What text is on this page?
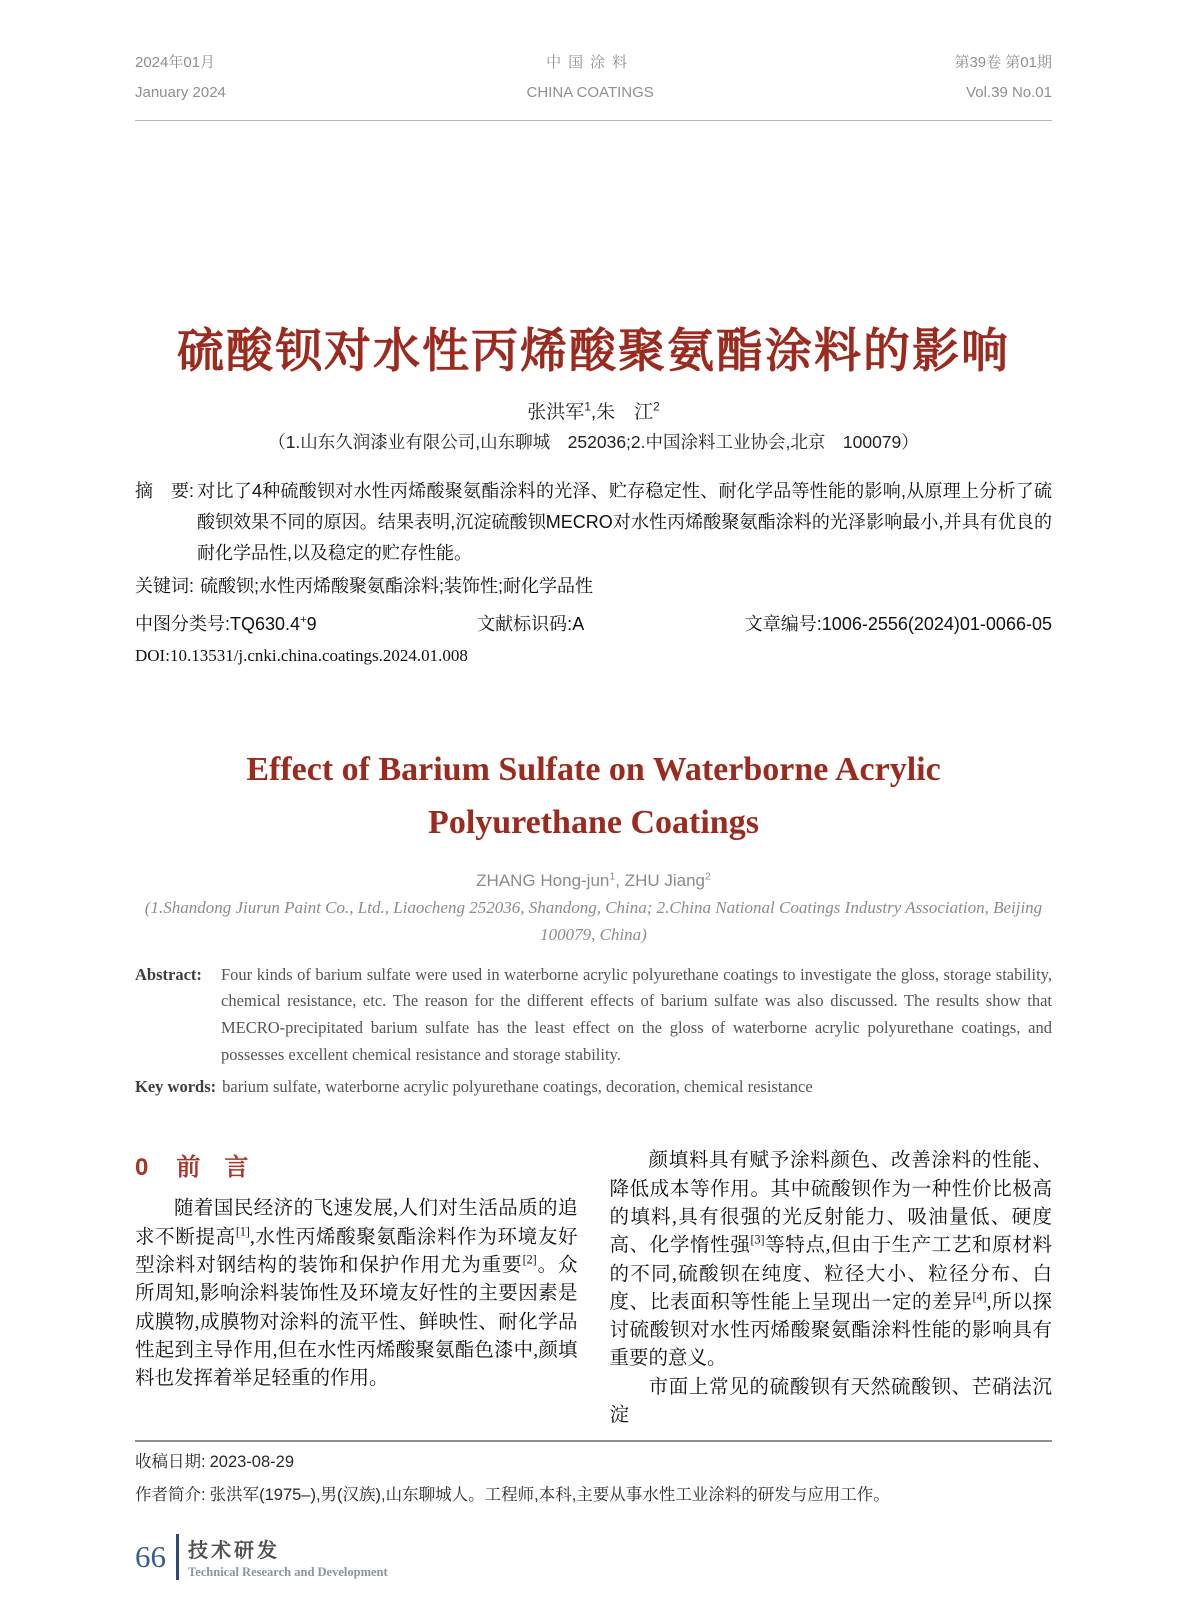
2024年01月
January 2024
中国涂料
CHINA COATINGS
第39卷 第01期
Vol.39 No.01
硫酸钡对水性丙烯酸聚氨酯涂料的影响
张洪军$^1$,朱　江$^2$
（1.山东久润漆业有限公司,山东聊城　252036;2.中国涂料工业协会,北京　100079）
摘　要: 对比了4种硫酸钡对水性丙烯酸聚氨酯涂料的光泽、贮存稳定性、耐化学品等性能的影响,从原理上分析了硫酸钡效果不同的原因。结果表明,沉淀硫酸钡MECRO对水性丙烯酸聚氨酯涂料的光泽影响最小,并具有优良的耐化学品性,以及稳定的贮存性能。
关键词: 硫酸钡;水性丙烯酸聚氨酯涂料;装饰性;耐化学品性
中图分类号:TQ630.4+9	文献标识码:A	文章编号:1006-2556(2024)01-0066-05
DOI:10.13531/j.cnki.china.coatings.2024.01.008
Effect of Barium Sulfate on Waterborne Acrylic
Polyurethane Coatings
ZHANG Hong-jun$^1$, ZHU Jiang$^2$
(1.Shandong Jiurun Paint Co., Ltd., Liaocheng 252036, Shandong, China; 2.China National Coatings Industry Association, Beijing 100079, China)
Abstract: Four kinds of barium sulfate were used in waterborne acrylic polyurethane coatings to investigate the gloss, storage stability, chemical resistance, etc. The reason for the different effects of barium sulfate was also discussed. The results show that MECRO-precipitated barium sulfate has the least effect on the gloss of waterborne acrylic polyurethane coatings, and possesses excellent chemical resistance and storage stability.
Key words: barium sulfate, waterborne acrylic polyurethane coatings, decoration, chemical resistance
0 前　言

随着国民经济的飞速发展,人们对生活品质的追求不断提高[1],水性丙烯酸聚氨酯涂料作为环境友好型涂料对钢结构的装饰和保护作用尤为重要[2]。众所周知,影响涂料装饰性及环境友好性的主要因素是成膜物,成膜物对涂料的流平性、鲜映性、耐化学品性起到主导作用,但在水性丙烯酸聚氨酯色漆中,颜填料也发挥着举足轻重的作用。

颜填料具有赋予涂料颜色、改善涂料的性能、降低成本等作用。其中硫酸钡作为一种性价比极高的填料,具有很强的光反射能力、吸油量低、硬度高、化学惰性强[3]等特点,但由于生产工艺和原材料的不同,硫酸钡在纯度、粒径大小、粒径分布、白度、比表面积等性能上呈现出一定的差异[4],所以探讨硫酸钡对水性丙烯酸聚氨酯涂料性能的影响具有重要的意义。

市面上常见的硫酸钡有天然硫酸钡、芒硝法沉淀

收稿日期: 2023-08-29
作者简介: 张洪军(1975–),男(汉族),山东聊城人。工程师,本科,主要从事水性工业涂料的研发与应用工作。
66 技术研发
Technical Research and Development
